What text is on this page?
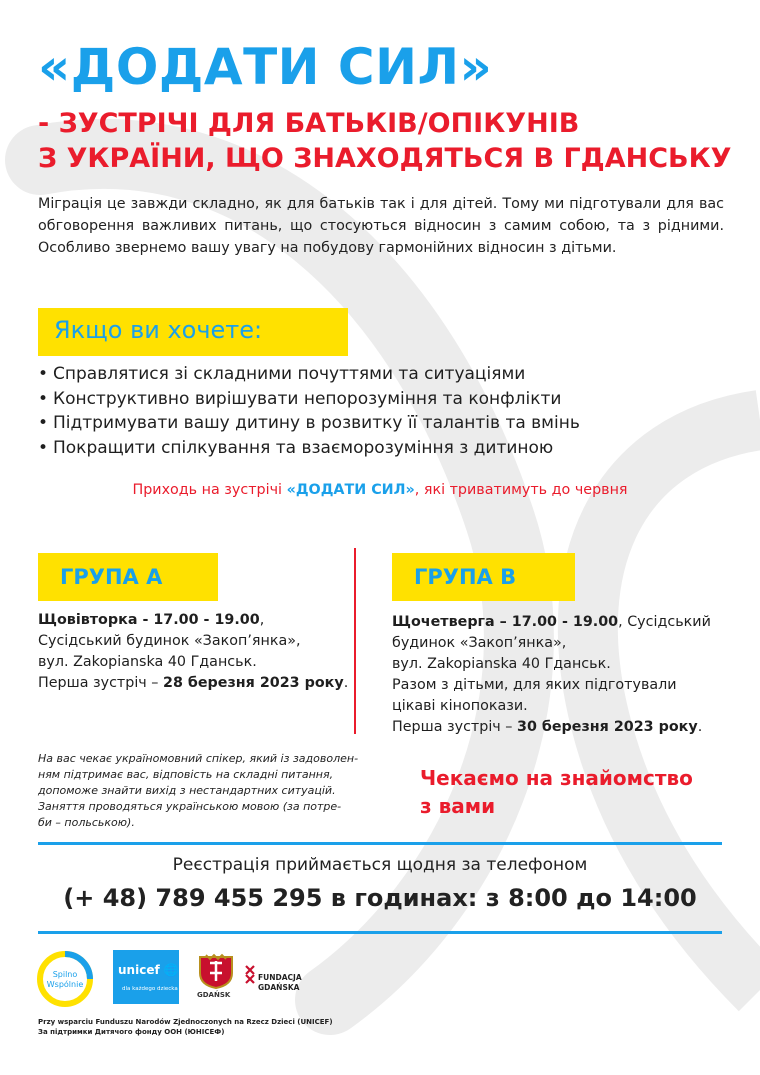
«ДОДАТИ СИЛ»
- ЗУСТРІЧІ ДЛЯ БАТЬКІВ/ОПІКУНІВ
З УКРАЇНИ, ЩО ЗНАХОДЯТЬСЯ В ГДАНСЬКУ
Міграція це завжди складно, як для батьків так і для дітей. Тому ми підготували для вас обговорення важливих питань, що стосуються відносин з самим собою, та з рідними. Особливо звернемо вашу увагу на побудову гармонійних відносин з дітьми.
Якщо ви хочете:
• Справлятися зі складними почуттями та ситуаціями
• Конструктивно вирішувати непорозуміння та конфлікти
• Підтримувати вашу дитину в розвитку її талантів та вмінь
• Покращити спілкування та взаєморозуміння з дитиною
Приходь на зустрічі «ДОДАТИ СИЛ», які триватимуть до червня
ГРУПА А	ГРУПА В
Щовівторка - 17.00 - 19.00,
Сусідський будинок «Закоп’янка»,
вул. Zakopianska 40 Гданськ.
Перша зустріч – 28 березня 2023 року.
Щочетверга – 17.00 - 19.00, Сусідський
будинок «Закоп’янка»,
вул. Zakopianska 40 Гданськ.
Разом з дітьми, для яких підготували
цікаві кінопокази.
Перша зустріч – 30 березня 2023 року.
На вас чекає україномовний спікер, який із задоволен-
ням підтримає вас, відповість на складні питання,
допоможе знайти вихід з нестандартних ситуацій.
Заняття проводяться українською мовою (за потре-
би – польською).
Чекаємо на знайомство
з вами
Реєстрація приймається щодня за телефоном
(+ 48) 789 455 295 в годинах: з 8:00 до 14:00
Spilno
Wspólnie
unicef 🌐
dla każdego dziecka
GDAŃSK
FUNDACJA
GDAŃSKA
Przy wsparciu Funduszu Narodów Zjednoczonych na Rzecz Dzieci (UNICEF)
За підтримки Дитячого фонду ООН (ЮНІСЕФ)
